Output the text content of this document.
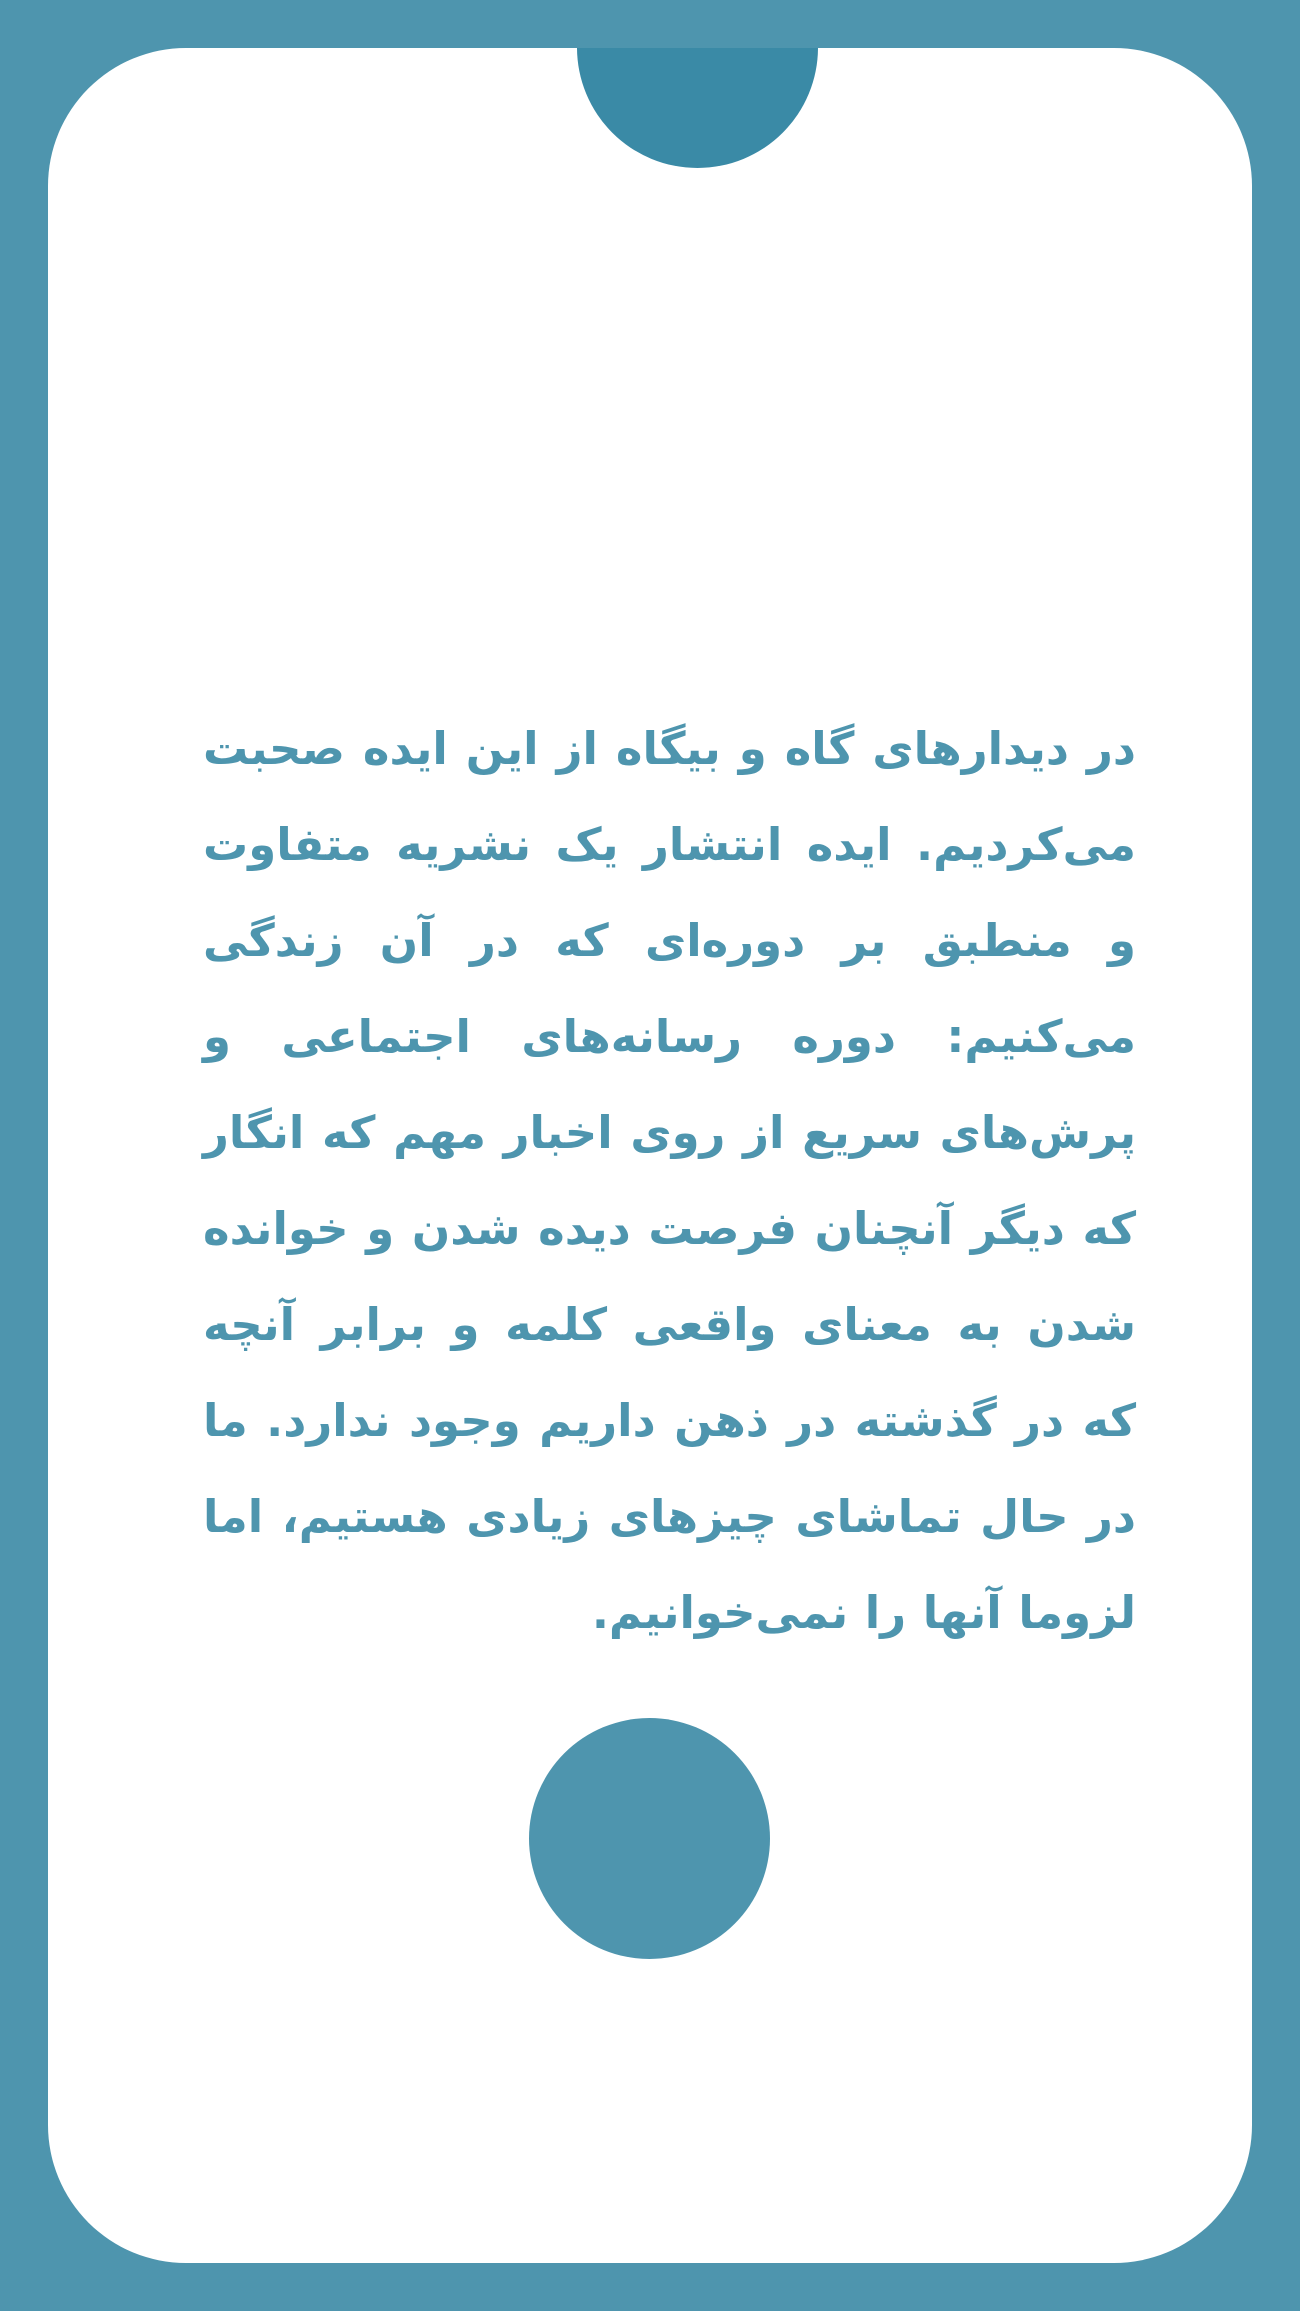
در دیدارهای گاه و بیگاه از این ایده صحبت می‌کردیم. ایده انتشار یک نشریه متفاوت و منطبق بر دوره‌ای که در آن زندگی می‌کنیم: دوره رسانه‌های اجتماعی و پرش‌های سریع از روی اخبار مهم که انگار که دیگر آنچنان فرصت دیده شدن و خوانده شدن به معنای واقعی کلمه و برابر آنچه که در گذشته در ذهن داریم وجود ندارد. ما در حال تماشای چیزهای زیادی هستیم، اما لزوما آنها را نمی‌خوانیم.
